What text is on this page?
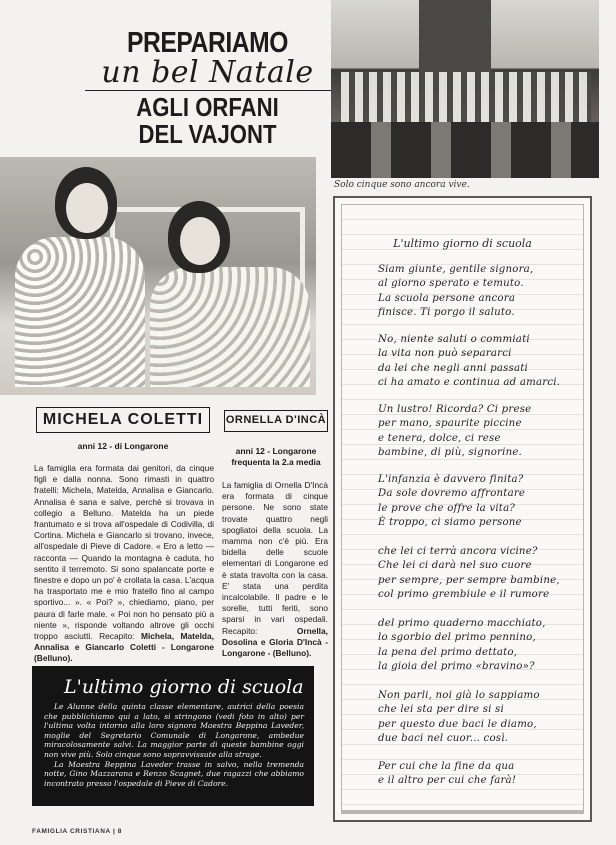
PREPARIAMO
un bel Natale
AGLI ORFANI
DEL VAJONT
Solo cinque sono ancora vive.
MICHELA COLETTI	ORNELLA D'INCÀ
anni 12 - di Longarone	anni 12 - Longarone frequenta la 2.a media
La famiglia era formata dai genitori, da cinque figli e dalla nonna. Sono rimasti in quattro fratelli: Michela, Matelda, Annalisa e Giancarlo. Annalisa è sana e salve, perchè si trovava in collegio a Belluno. Matelda ha un piede frantumato e si trova all'ospedale di Codivilla, di Cortina. Michela e Giancarlo si trovano, invece, all'ospedale di Pieve di Cadore. « Ero a letto — racconta — Quando la montagna è caduta, ho sentito il terremoto. Si sono spalancate porte e finestre e dopo un po' è crollata la casa. L'acqua ha trasportato me e mio fratello fino al campo sportivo... ». « Poi? », chiediamo, piano, per paura di farle male. « Poi non ho pensato più a niente », risponde voltando altrove gli occhi troppo asciutti. Recapito: Michela, Matelda, Annalisa e Giancarlo Coletti - Longarone (Belluno).
La famiglia di Ornella D'Incà era formata di cinque persone. Ne sono state trovate quattro negli spogliatoi della scuola. La mamma non c'è più. Era bidella delle scuole elementari di Longarone ed è stata travolta con la casa. E' stata una perdita incalcolabile. Il padre e le sorelle, tutti feriti, sono sparsi in vari ospedali. Recapito:	Ornella, Dosolina e Gloria D'Incà - Longarone - (Belluno).
L'ultimo giorno di scuola

Le Alunne della quinta classe elementare, autrici della poesia che pubblichiamo qui a lato, si stringono (vedi foto in alto) per l'ultima volta intorno alla loro signora Maestra Beppina Laveder, moglie del Segretario Comunale di Longarone, ambedue miracolosamente salvi. La maggior parte di queste bambine oggi non vive più. Solo cinque sono sopravvissute alla strage.

La Maestra Beppina Laveder trasse in salvo, nella tremenda notte, Gino Mazzarana e Renzo Scagnet, due ragazzi che abbiamo incontrato presso l'ospedale di Pieve di Cadore.

FAMIGLIA CRISTIANA | 8
L'ultimo giorno di scuola
Siam giunte, gentile signora,
al giorno sperato e temuto.
La scuola persone ancora
finisce. Ti porgo il saluto.
No, niente saluti o commiati
la vita non può separarci
da lei che negli anni passati
ci ha amato e continua ad amarci.
Un lustro! Ricorda? Ci prese
per mano, spaurite piccine
e tenera, dolce, ci rese
bambine, di più, signorine.
L'infanzia è davvero finita?
Da sole dovremo affrontare
le prove che offre la vita?
È troppo, ci siamo persone
che lei ci terrà ancora vicine?
Che lei ci darà nel suo cuore
per sempre, per sempre bambine,
col primo grembiule e il rumore
del primo quaderno macchiato,
lo sgorbio del primo pennino,
la pena del primo dettato,
la gioia del primo «bravino»?
Non parli, noi già lo sappiamo
che lei sta per dire si si
per questo due baci le diamo,
due baci nel cuor... così.
Per cui che la fine da qua
e il altro per cui che farà!
